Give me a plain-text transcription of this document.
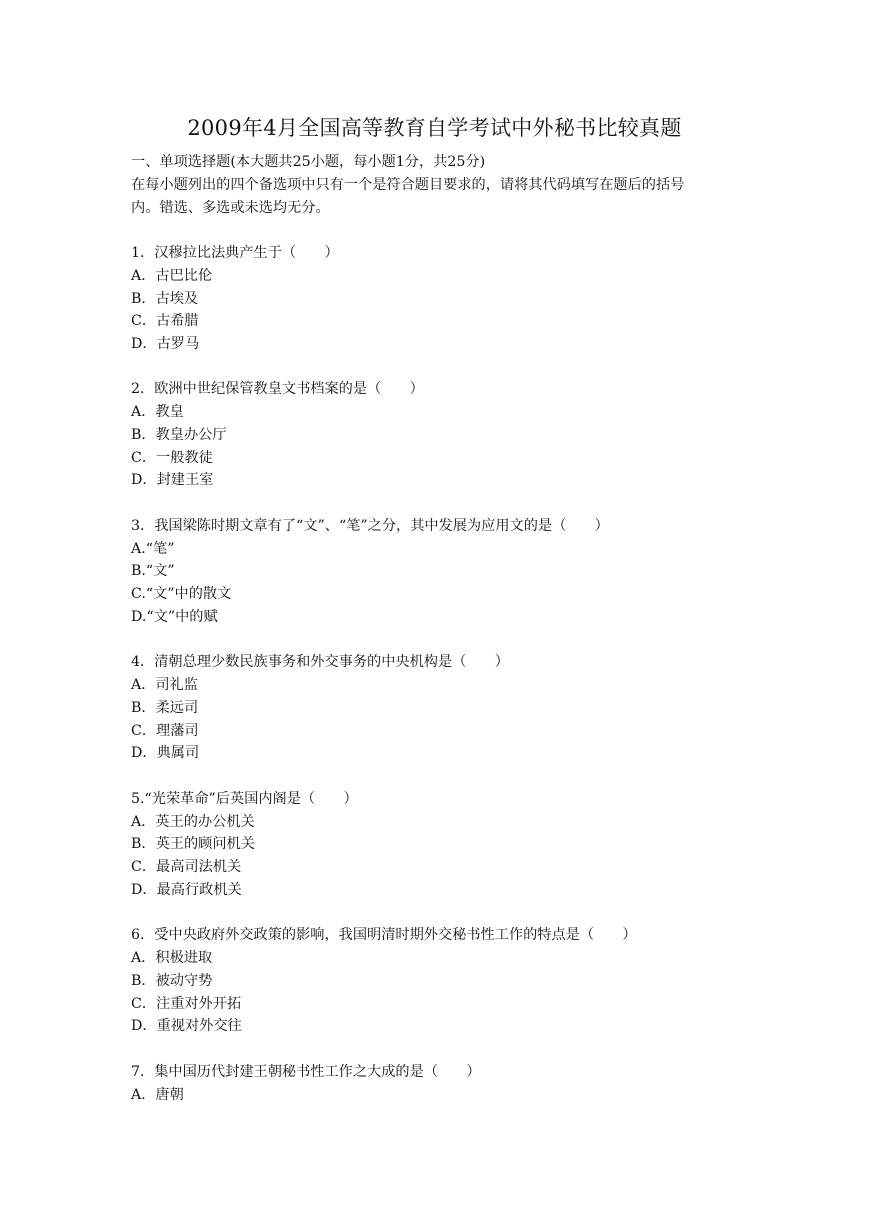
2009年4月全国高等教育自学考试中外秘书比较真题
一、单项选择题(本大题共25小题，每小题1分，共25分)
在每小题列出的四个备选项中只有一个是符合题目要求的，请将其代码填写在题后的括号
内。错选、多选或未选均无分。
1．汉穆拉比法典产生于（　　）
A．古巴比伦
B．古埃及
C．古希腊
D．古罗马
2．欧洲中世纪保管教皇文书档案的是（　　）
A．教皇
B．教皇办公厅
C．一般教徒
D．封建王室
3．我国梁陈时期文章有了“文”、“笔”之分，其中发展为应用文的是（　　）
A.“笔”
B.“文”
C.“文”中的散文
D.“文”中的赋
4．清朝总理少数民族事务和外交事务的中央机构是（　　）
A．司礼监
B．柔远司
C．理藩司
D．典属司
5.“光荣革命”后英国内阁是（　　）
A．英王的办公机关
B．英王的顾问机关
C．最高司法机关
D．最高行政机关
6．受中央政府外交政策的影响，我国明清时期外交秘书性工作的特点是（　　）
A．积极进取
B．被动守势
C．注重对外开拓
D．重视对外交往
7．集中国历代封建王朝秘书性工作之大成的是（　　）
A．唐朝
